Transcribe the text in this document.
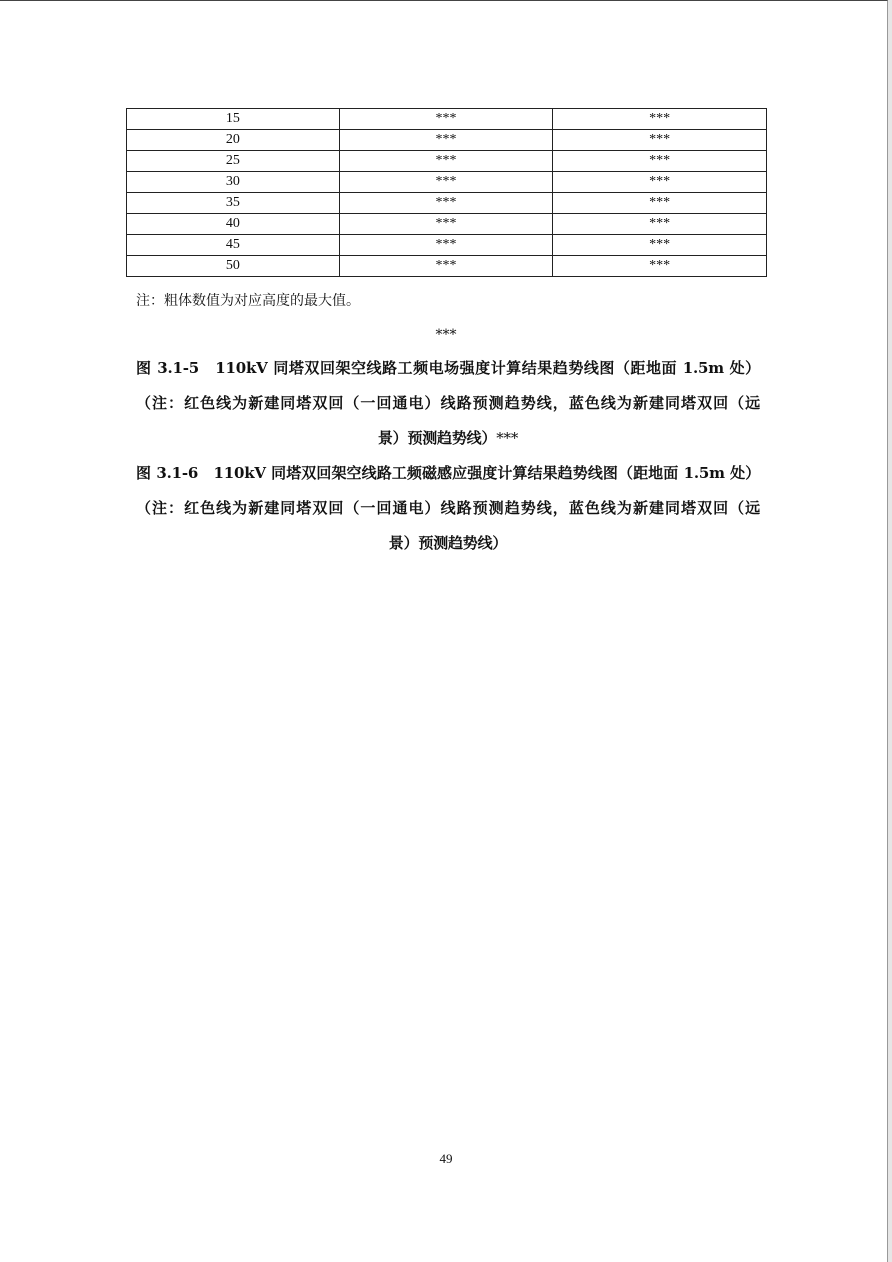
15	***	***
20	***	***
25	***	***
30	***	***
35	***	***
40	***	***
45	***	***
50	***	***
注：粗体数值为对应高度的最大值。
***
图 3.1-5　110kV 同塔双回架空线路工频电场强度计算结果趋势线图（距地面 1.5m 处）
（注：红色线为新建同塔双回（一回通电）线路预测趋势线，蓝色线为新建同塔双回（远
景）预测趋势线）***
图 3.1-6　110kV 同塔双回架空线路工频磁感应强度计算结果趋势线图（距地面 1.5m 处）
（注：红色线为新建同塔双回（一回通电）线路预测趋势线，蓝色线为新建同塔双回（远
景）预测趋势线）
49
